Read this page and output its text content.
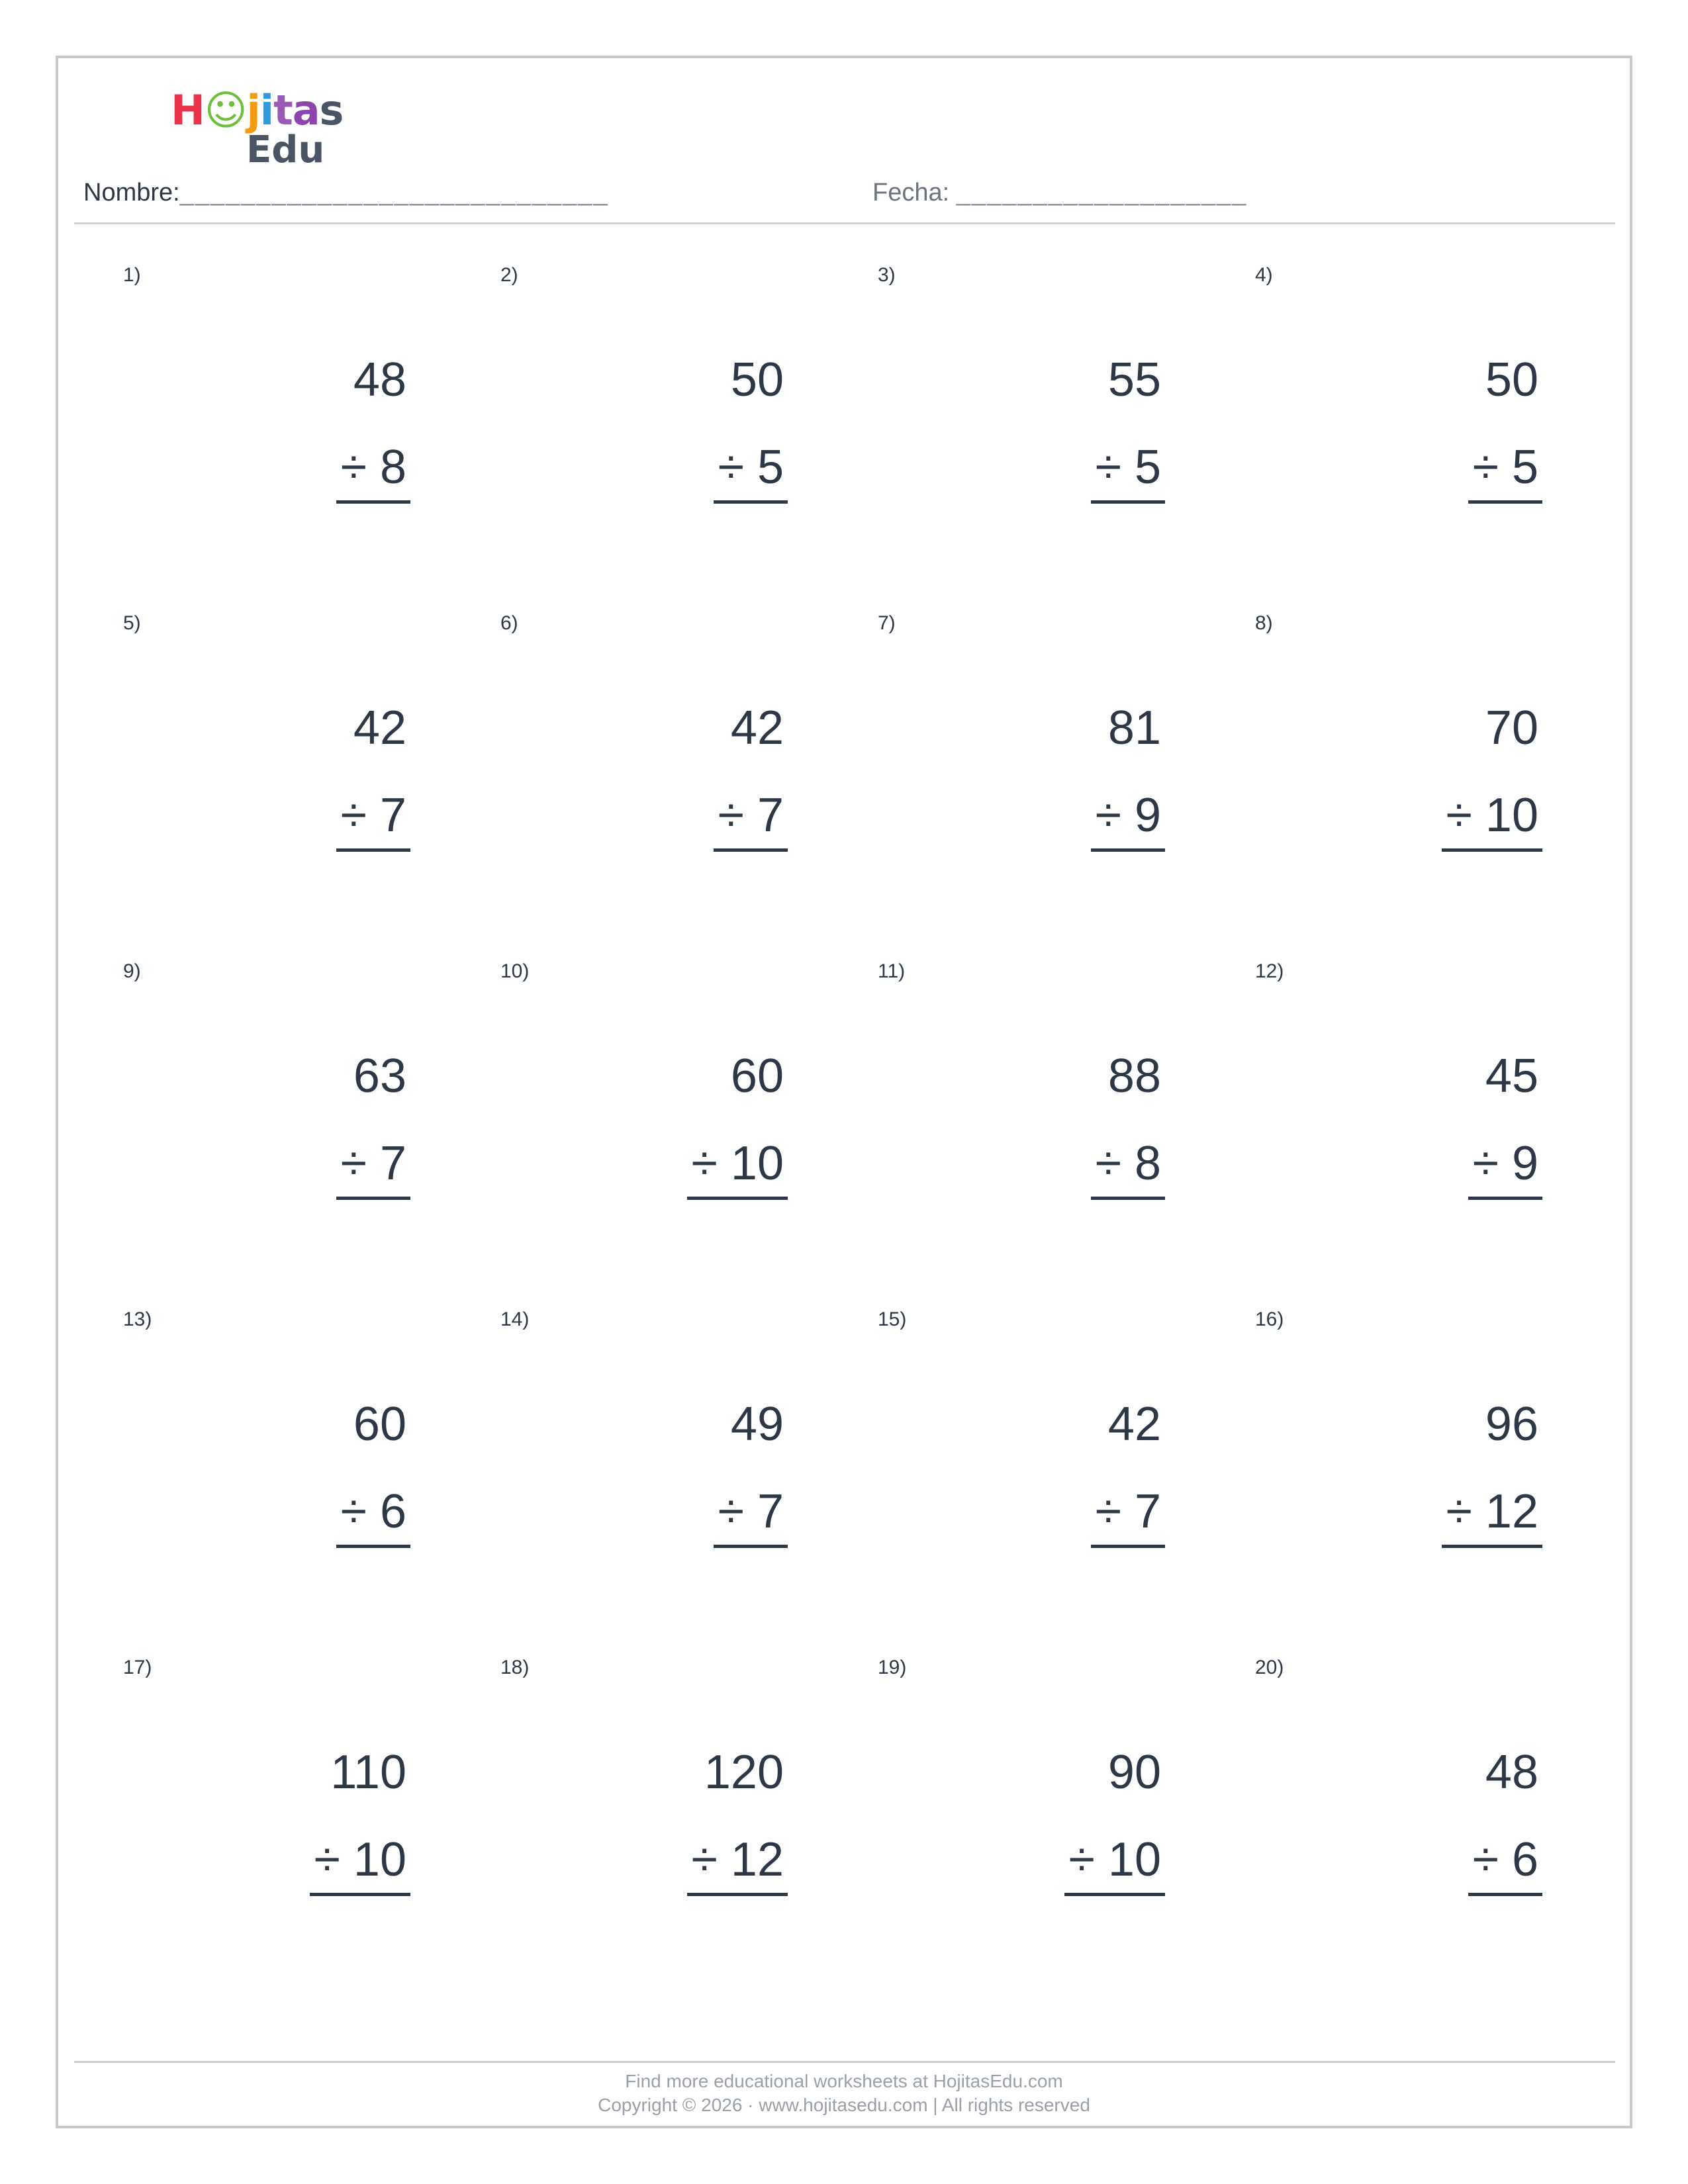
H☺jitas
Edu
Nombre:____________________________	Fecha: ___________________
1)
48
÷ 8
2)
50
÷ 5
3)
55
÷ 5
4)
50
÷ 5
5)
42
÷ 7
6)
42
÷ 7
7)
81
÷ 9
8)
70
÷ 10
9)
63
÷ 7
10)
60
÷ 10
11)
88
÷ 8
12)
45
÷ 9
13)
60
÷ 6
14)
49
÷ 7
15)
42
÷ 7
16)
96
÷ 12
17)
110
÷ 10
18)
120
÷ 12
19)
90
÷ 10
20)
48
÷ 6
Find more educational worksheets at HojitasEdu.com
Copyright © 2026 · www.hojitasedu.com | All rights reserved
